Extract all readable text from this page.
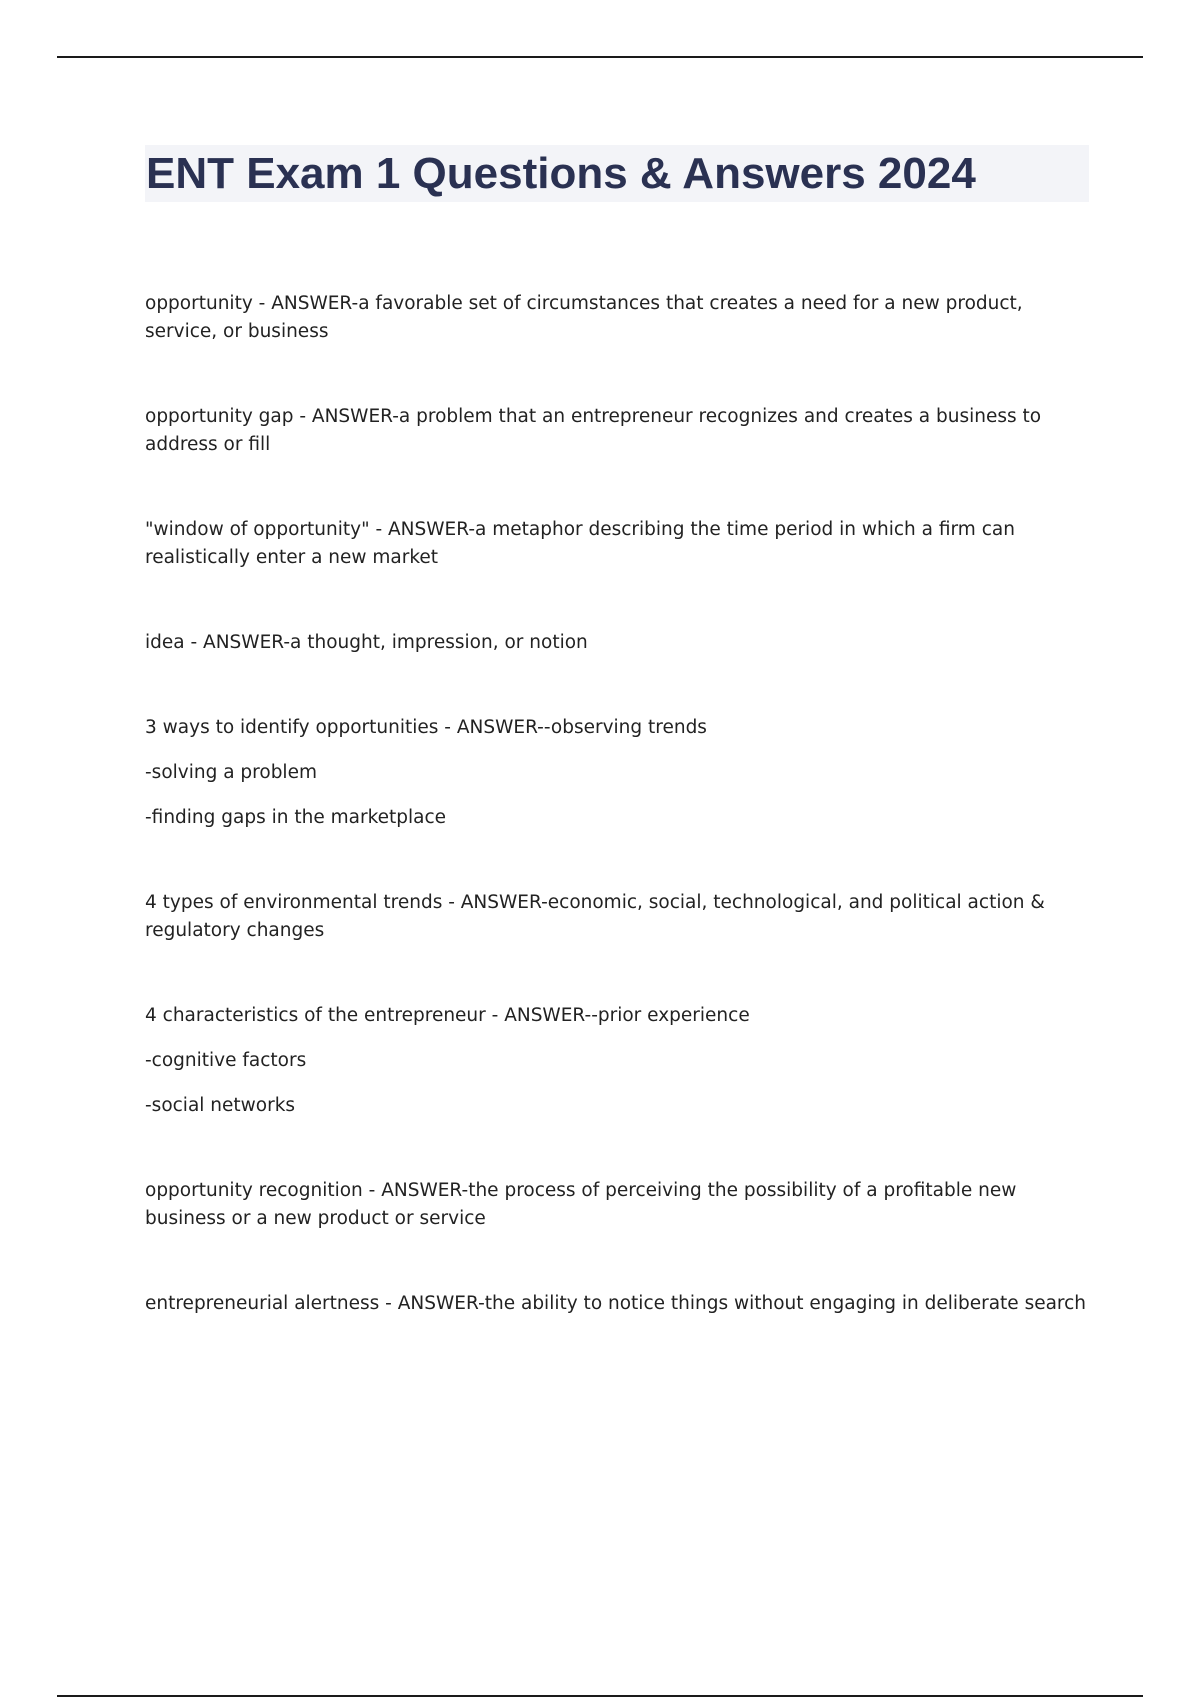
ENT Exam 1 Questions & Answers 2024
opportunity - ANSWER-a favorable set of circumstances that creates a need for a new product, service, or business
opportunity gap - ANSWER-a problem that an entrepreneur recognizes and creates a business to address or fill
"window of opportunity" - ANSWER-a metaphor describing the time period in which a firm can realistically enter a new market
idea - ANSWER-a thought, impression, or notion
3 ways to identify opportunities - ANSWER--observing trends
-solving a problem
-finding gaps in the marketplace
4 types of environmental trends - ANSWER-economic, social, technological, and political action & regulatory changes
4 characteristics of the entrepreneur - ANSWER--prior experience
-cognitive factors
-social networks
opportunity recognition - ANSWER-the process of perceiving the possibility of a profitable new business or a new product or service
entrepreneurial alertness - ANSWER-the ability to notice things without engaging in deliberate search
